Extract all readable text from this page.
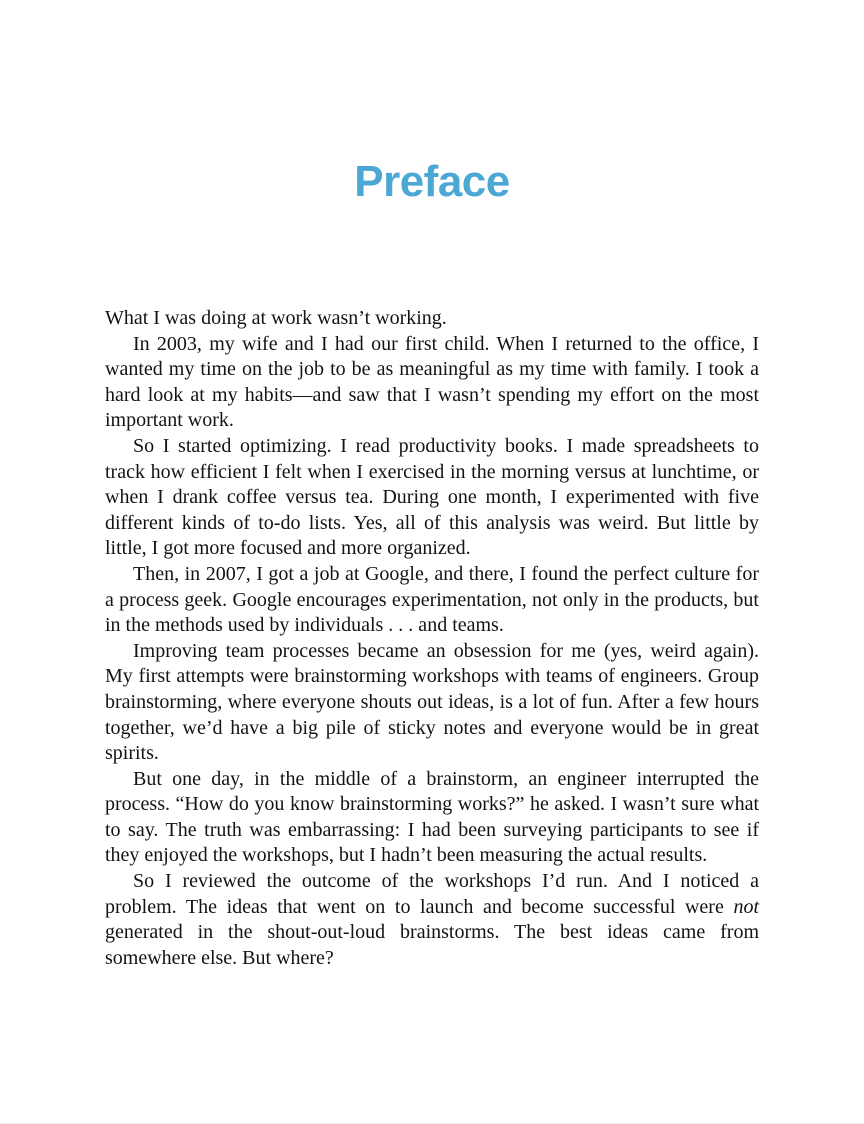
Preface

What I was doing at work wasn’t working.

In 2003, my wife and I had our first child. When I returned to the office, I wanted my time on the job to be as meaningful as my time with family. I took a hard look at my habits—and saw that I wasn’t spending my effort on the most important work.

So I started optimizing. I read productivity books. I made spreadsheets to track how efficient I felt when I exercised in the morning versus at lunchtime, or when I drank coffee versus tea. During one month, I experimented with five different kinds of to-do lists. Yes, all of this analysis was weird. But little by little, I got more focused and more organized.

Then, in 2007, I got a job at Google, and there, I found the perfect culture for a process geek. Google encourages experimentation, not only in the products, but in the methods used by individuals . . . and teams.

Improving team processes became an obsession for me (yes, weird again). My first attempts were brainstorming workshops with teams of engineers. Group brainstorming, where everyone shouts out ideas, is a lot of fun. After a few hours together, we’d have a big pile of sticky notes and everyone would be in great spirits.

But one day, in the middle of a brainstorm, an engineer interrupted the process. “How do you know brainstorming works?” he asked. I wasn’t sure what to say. The truth was embarrassing: I had been surveying participants to see if they enjoyed the workshops, but I hadn’t been measuring the actual results.

So I reviewed the outcome of the workshops I’d run. And I noticed a problem. The ideas that went on to launch and become successful were not generated in the shout-out-loud brainstorms. The best ideas came from somewhere else. But where?
